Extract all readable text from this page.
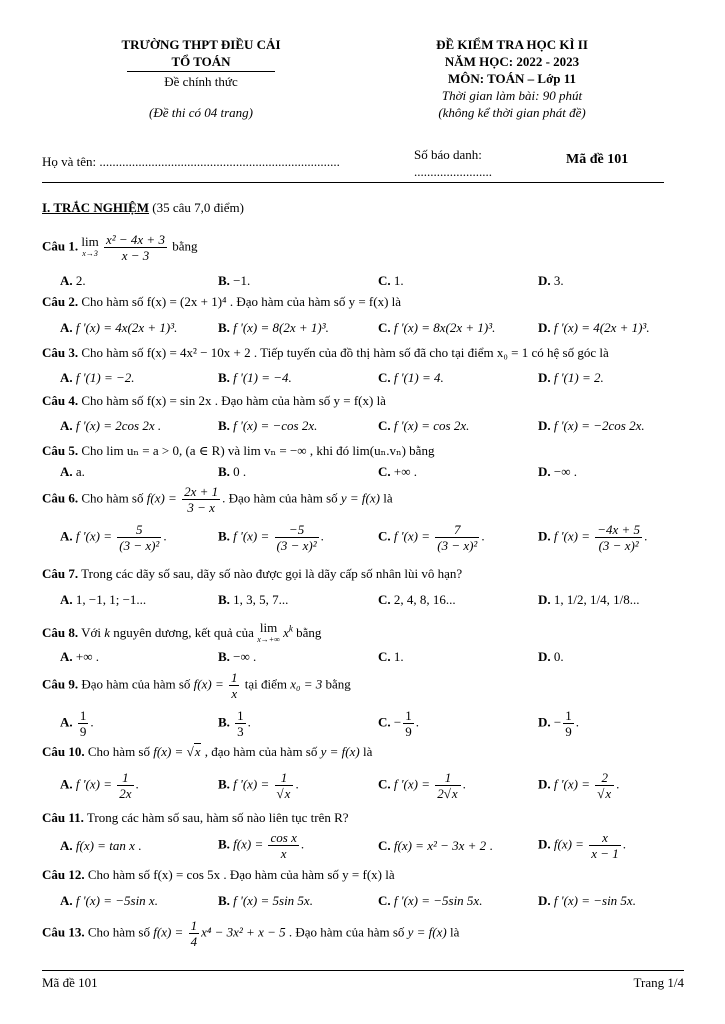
TRƯỜNG THPT ĐIỀU CẢI
TỔ TOÁN
Đề chính thức
(Đề thi có 04 trang)
ĐỀ KIỂM TRA HỌC KÌ II
NĂM HỌC: 2022 - 2023
MÔN: TOÁN – Lớp 11
Thời gian làm bài: 90 phút
(không kể thời gian phát đề)
Họ và tên: ..........................................................................	Số báo danh:
........................
Mã đề 101
I. TRẮC NGHIỆM (35 câu 7,0 điểm)
Câu 1. lim
x→3
$\frac{\text{x² − 4x + 3}}{x - 3}$ bằng
A. 2.	B. −1.	C. 1.	D. 3.
Câu 2. Cho hàm số f(x) = (2x + 1)⁴ . Đạo hàm của hàm số y = f(x) là
A. f '(x) = 4x(2x + 1)³.	B. f '(x) = 8(2x + 1)³.	C. f '(x) = 8x(2x + 1)³.	D. f '(x) = 4(2x + 1)³.
Câu 3. Cho hàm số f(x) = 4x² − 10x + 2 . Tiếp tuyến của đồ thị hàm số đã cho tại điểm x₀ = 1 có hệ số góc là
A. f '(1) = −2.	B. f '(1) = −4.	C. f '(1) = 4.	D. f '(1) = 2.
Câu 4. Cho hàm số f(x) = sin 2x . Đạo hàm của hàm số y = f(x) là
A. f '(x) = 2cos 2x .	B. f '(x) = −cos 2x.	C. f '(x) = cos 2x.	D. f '(x) = −2cos 2x.
Câu 5. Cho lim uₙ = a > 0, (a ∈ R) và lim vₙ = −∞ , khi đó lim(uₙ.vₙ) bằng
A. a.	B. 0 .	C. +∞ .	D. −∞ .
Câu 6. Cho hàm số $f(x) = \frac{2x + 1}{3 - x}$ . Đạo hàm của hàm số y = f(x) là
A. f '$(x) = \frac{5}{\text{(3 − x)²}}$ .	B. f '$(x) = \frac{-5}{\text{(3 − x)²}}$ .	C. f '$(x) = \frac{7}{\text{(3 − x)²}}$ .	D. f '$(x) = \frac{-4x + 5}{\text{(3 − x)²}}$ .
Câu 7. Trong các dãy số sau, dãy số nào được gọi là dãy cấp số nhân lùi vô hạn?
A. 1, −1, 1; −1...	B. 1, 3, 5, 7...	C. 2, 4, 8, 16...	D. 1, 1/2, 1/4, 1/8...
Câu 8. Với k nguyên dương, kết quả của lim
x→+∞ $x^k$ bằng
A. +∞ .	B. −∞ .	C. 1.	D. 0.
Câu 9. Đạo hàm của hàm số $f(x) = \frac{1}{x}$ tại điểm x₀ = 3 bằng
A. $\frac{1}{9}$ .	B. $\frac{1}{3}$ .	C. − $\frac{1}{9}$ .	D. − $\frac{1}{9}$ .
Câu 10. Cho hàm số f(x) = √x , đạo hàm của hàm số y = f(x) là
A. f '$(x) = \frac{1}{2x}$ .	B. f '$(x) = \frac{1}{√x}$ .	C. f '$(x) = \frac{1}{2√x}$ .	D. f '$(x) = \frac{2}{√x}$ .
Câu 11. Trong các hàm số sau, hàm số nào liên tục trên R?
A. f(x) = tan x .	B. $f(x) = \frac{\text{cos x}}{x}$ .	C. f(x) = x² − 3x + 2 .	D. $f(x) = \frac{x}{x - 1}$ .
Câu 12. Cho hàm số f(x) = cos 5x . Đạo hàm của hàm số y = f(x) là
A. f '(x) = −5sin x.	B. f '(x) = 5sin 5x.	C. f '(x) = −5sin 5x.	D. f '(x) = −sin 5x.
Câu 13. Cho hàm số $f(x) = \frac{1}{4} x^4 - 3x^2 + x - 5$ . Đạo hàm của hàm số y = f(x) là
Mã đề 101	Trang 1/4
